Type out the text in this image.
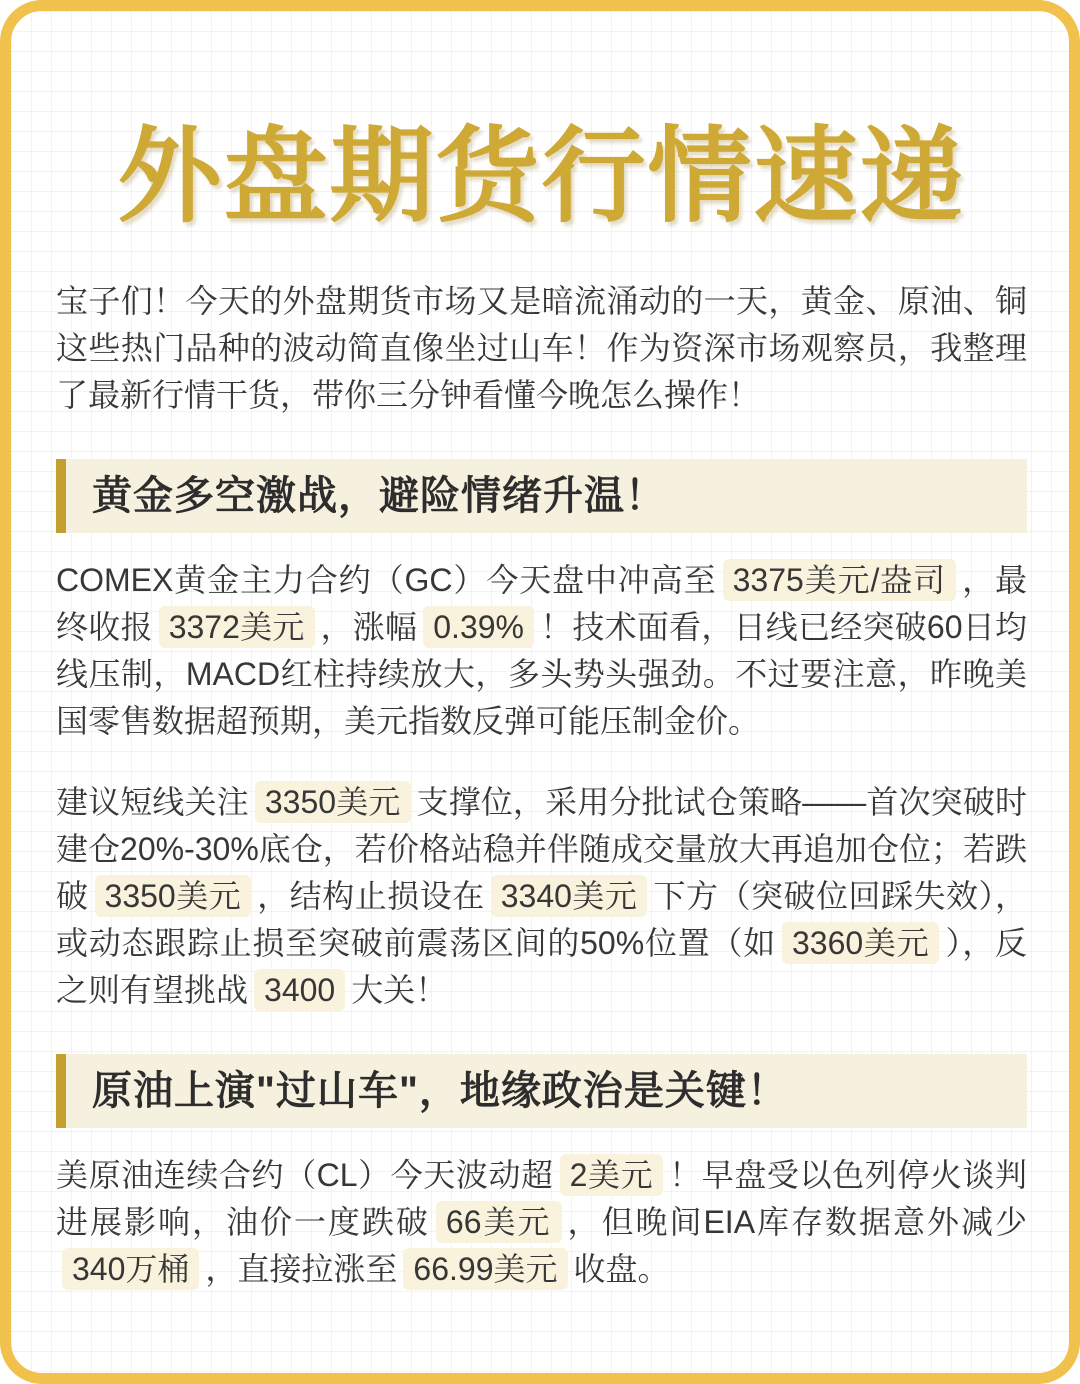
外盘期货行情速递

宝子们！今天的外盘期货市场又是暗流涌动的一天，黄金、原油、铜这些热门品种的波动简直像坐过山车！作为资深市场观察员，我整理了最新行情干货，带你三分钟看懂今晚怎么操作！

黄金多空激战，避险情绪升温！

COMEX黄金主力合约（GC）今天盘中冲高至 3375美元/盎司 ，最终收报 3372美元 ，涨幅 0.39% ！技术面看，日线已经突破60日均线压制，MACD红柱持续放大，多头势头强劲。不过要注意，昨晚美国零售数据超预期，美元指数反弹可能压制金价。

建议短线关注 3350美元 支撑位，采用分批试仓策略——首次突破时建仓20%-30%底仓，若价格站稳并伴随成交量放大再追加仓位；若跌破 3350美元 ，结构止损设在 3340美元 下方（突破位回踩失效），或动态跟踪止损至突破前震荡区间的50%位置（如 3360美元 ），反之则有望挑战 3400 大关！

原油上演"过山车"，地缘政治是关键！

美原油连续合约（CL）今天波动超 2美元 ！早盘受以色列停火谈判进展影响，油价一度跌破 66美元 ，但晚间EIA库存数据意外减少340万桶 ，直接拉涨至 66.99美元 收盘。
